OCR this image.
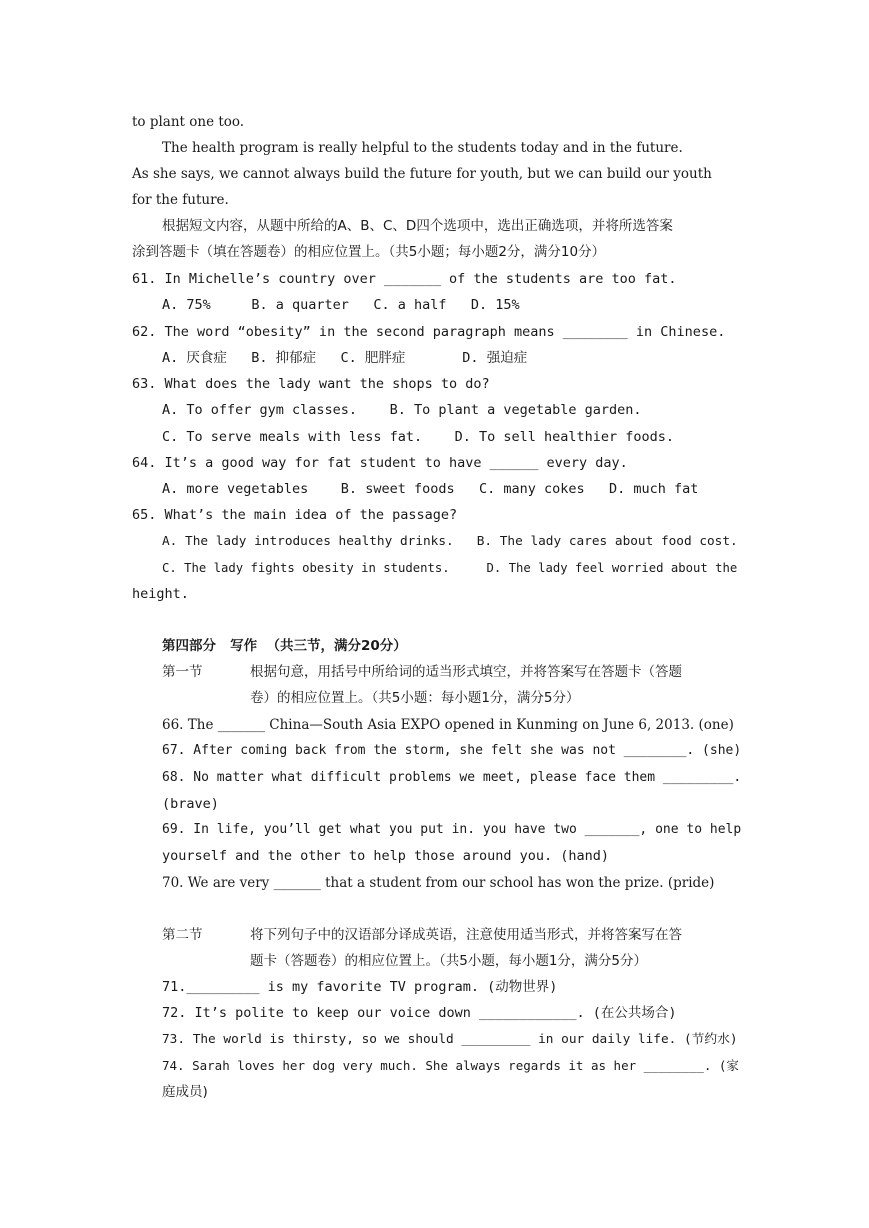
to plant one too.
The health program is really helpful to the students today and in the future.
As she says, we cannot always build the future for youth, but we can build our youth
for the future.
根据短文内容，从题中所给的A、B、C、D四个选项中，选出正确选项，并将所选答案
涂到答题卡（填在答题卷）的相应位置上。（共5小题；每小题2分，满分10分）
61. In Michelle’s country over _______ of the students are too fat.
A. 75%     B. a quarter   C. a half   D. 15%
62. The word “obesity” in the second paragraph means ________ in Chinese.
A. 厌食症   B. 抑郁症   C. 肥胖症       D. 强迫症
63. What does the lady want the shops to do?
A. To offer gym classes.    B. To plant a vegetable garden.
C. To serve meals with less fat.    D. To sell healthier foods.
64. It’s a good way for fat student to have ______ every day.
A. more vegetables    B. sweet foods   C. many cokes   D. much fat
65. What’s the main idea of the passage?
A. The lady introduces healthy drinks.   B. The lady cares about food cost.
C. The lady fights obesity in students.     D. The lady feel worried about the
height.
第四部分   写作  （共三节，满分20分）
第一节	根据句意，用括号中所给词的适当形式填空，并将答案写在答题卡（答题
卷）的相应位置上。（共5小题：每小题1分，满分5分）
66. The _______ China—South Asia EXPO opened in Kunming on June 6, 2013. (one)
67. After coming back from the storm, she felt she was not ________. (she)
68. No matter what difficult problems we meet, please face them _________.
(brave)
69. In life, you’ll get what you put in. you have two _______, one to help
yourself and the other to help those around you. (hand)
70. We are very _______ that a student from our school has won the prize. (pride)
第二节	将下列句子中的汉语部分译成英语，注意使用适当形式，并将答案写在答
题卡（答题卷）的相应位置上。（共5小题，每小题1分，满分5分）
71._________ is my favorite TV program. (动物世界)
72. It’s polite to keep our voice down ____________. (在公共场合)
73. The world is thirsty, so we should _________ in our daily life. (节约水)
74. Sarah loves her dog very much. She always regards it as her ________. (家
庭成员)
